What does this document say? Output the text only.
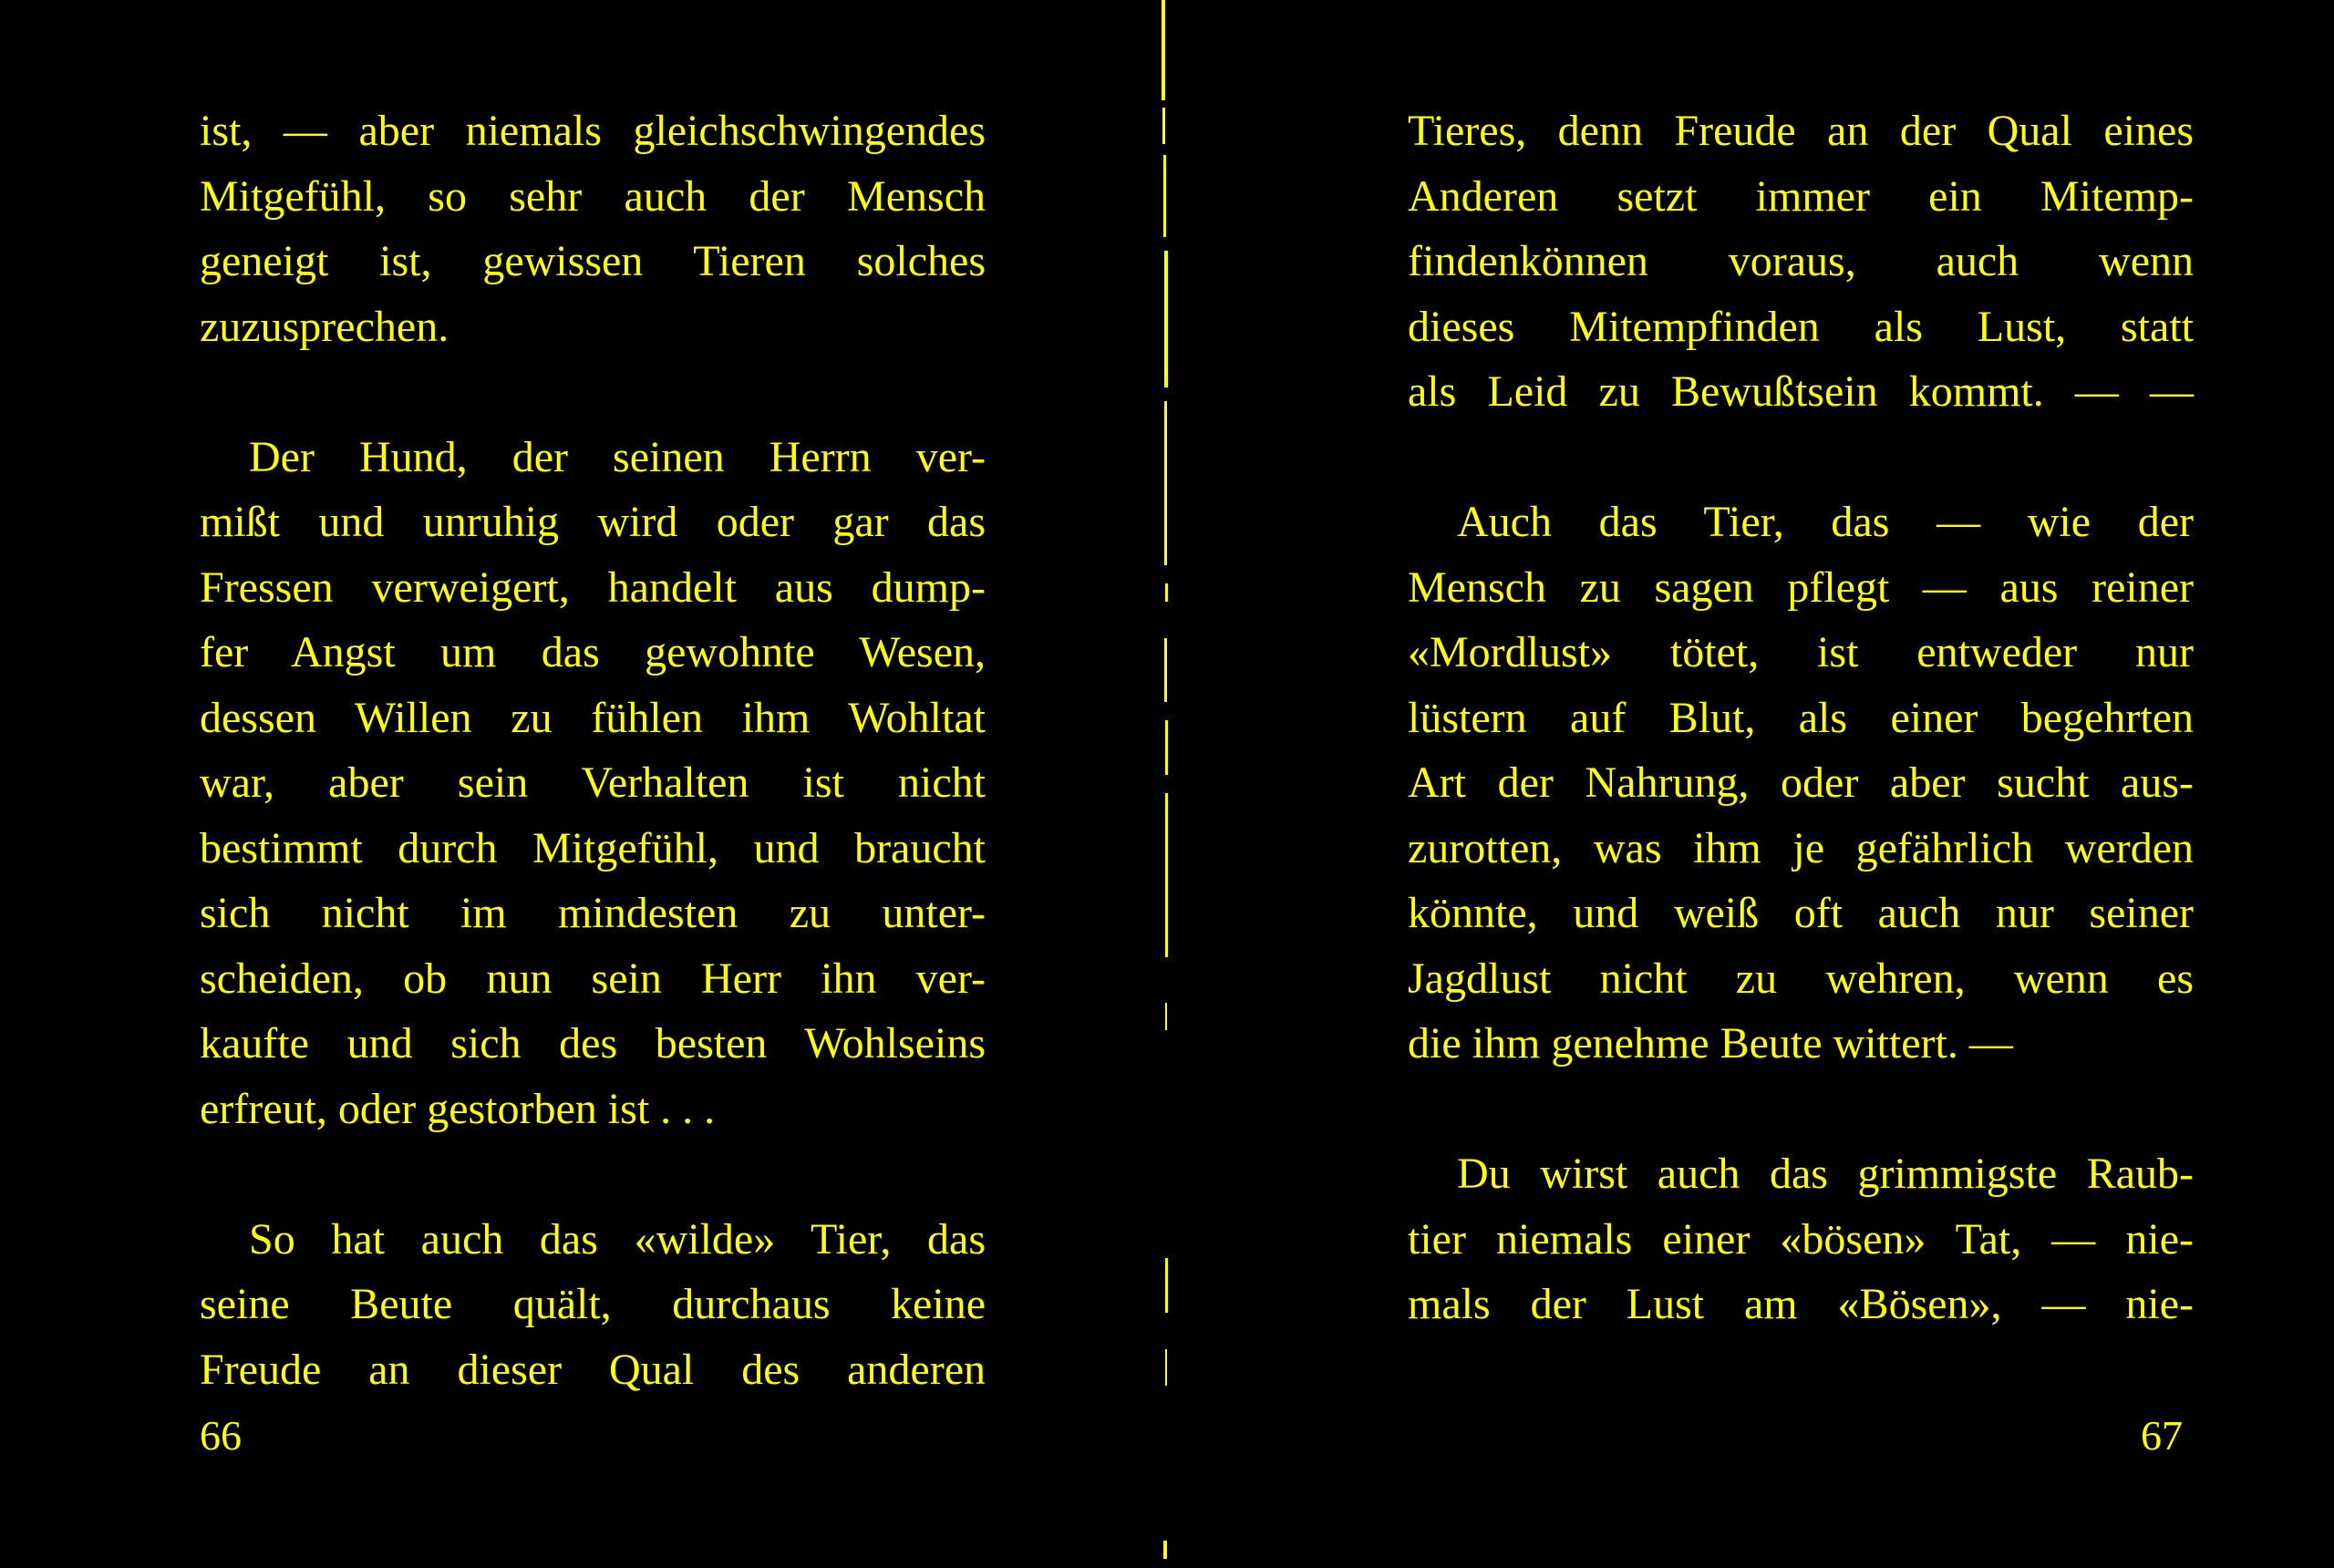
ist, — aber niemals gleichschwingendes
Mitgefühl, so sehr auch der Mensch
geneigt ist, gewissen Tieren solches
zuzusprechen.

Der Hund, der seinen Herrn ver-
mißt und unruhig wird oder gar das
Fressen verweigert, handelt aus dump-
fer Angst um das gewohnte Wesen,
dessen Willen zu fühlen ihm Wohltat
war, aber sein Verhalten ist nicht
bestimmt durch Mitgefühl, und braucht
sich nicht im mindesten zu unter-
scheiden, ob nun sein Herr ihn ver-
kaufte und sich des besten Wohlseins
erfreut, oder gestorben ist . . .

So hat auch das «wilde» Tier, das
seine Beute quält, durchaus keine
Freude an dieser Qual des anderen

66

Tieres, denn Freude an der Qual eines
Anderen setzt immer ein Mitemp-
findenkönnen voraus, auch wenn
dieses Mitempfinden als Lust, statt
als Leid zu Bewußtsein kommt. — —

Auch das Tier, das — wie der
Mensch zu sagen pflegt — aus reiner
«Mordlust» tötet, ist entweder nur
lüstern auf Blut, als einer begehrten
Art der Nahrung, oder aber sucht aus-
zurotten, was ihm je gefährlich werden
könnte, und weiß oft auch nur seiner
Jagdlust nicht zu wehren, wenn es
die ihm genehme Beute wittert. —

Du wirst auch das grimmigste Raub-
tier niemals einer «bösen» Tat, — nie-
mals der Lust am «Bösen», — nie-

67
